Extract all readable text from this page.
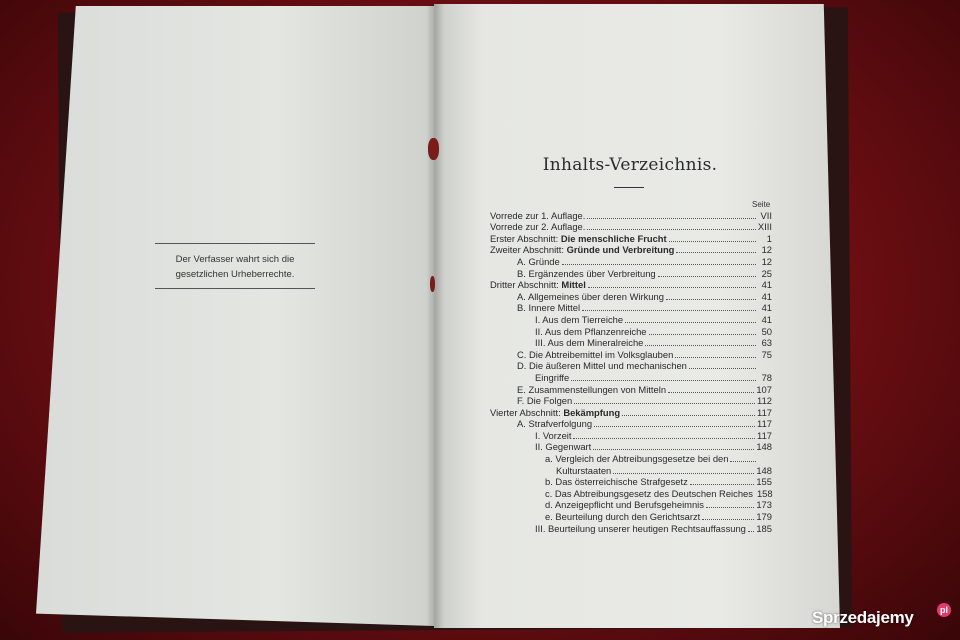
Der Verfasser wahrt sich die
gesetzlichen Urheberrechte.
Inhalts-Verzeichnis.
Seite
Vorrede zur 1. Auflage.	VII
Vorrede zur 2. Auflage.	XIII
Erster Abschnitt: Die menschliche Frucht	1
Zweiter Abschnitt: Gründe und Verbreitung	12
A. Gründe	12
B. Ergänzendes über Verbreitung	25
Dritter Abschnitt: Mittel	41
A. Allgemeines über deren Wirkung	41
B. Innere Mittel	41
I. Aus dem Tierreiche	41
II. Aus dem Pflanzenreiche	50
III. Aus dem Mineralreiche	63
C. Die Abtreibemittel im Volksglauben	75
D. Die äußeren Mittel und mechanischen
Eingriffe	78
E. Zusammenstellungen von Mitteln	107
F. Die Folgen	112
Vierter Abschnitt: Bekämpfung	117
A. Strafverfolgung	117
I. Vorzeit	117
II. Gegenwart	148
a. Vergleich der Abtreibungsgesetze bei den
Kulturstaaten	148
b. Das österreichische Strafgesetz	155
c. Das Abtreibungsgesetz des Deutschen Reiches 158
d. Anzeigepflicht und Berufsgeheimnis	173
e. Beurteilung durch den Gerichtsarzt	179
III. Beurteilung unserer heutigen Rechtsauffassung 185
Sprzedajemy	pl
